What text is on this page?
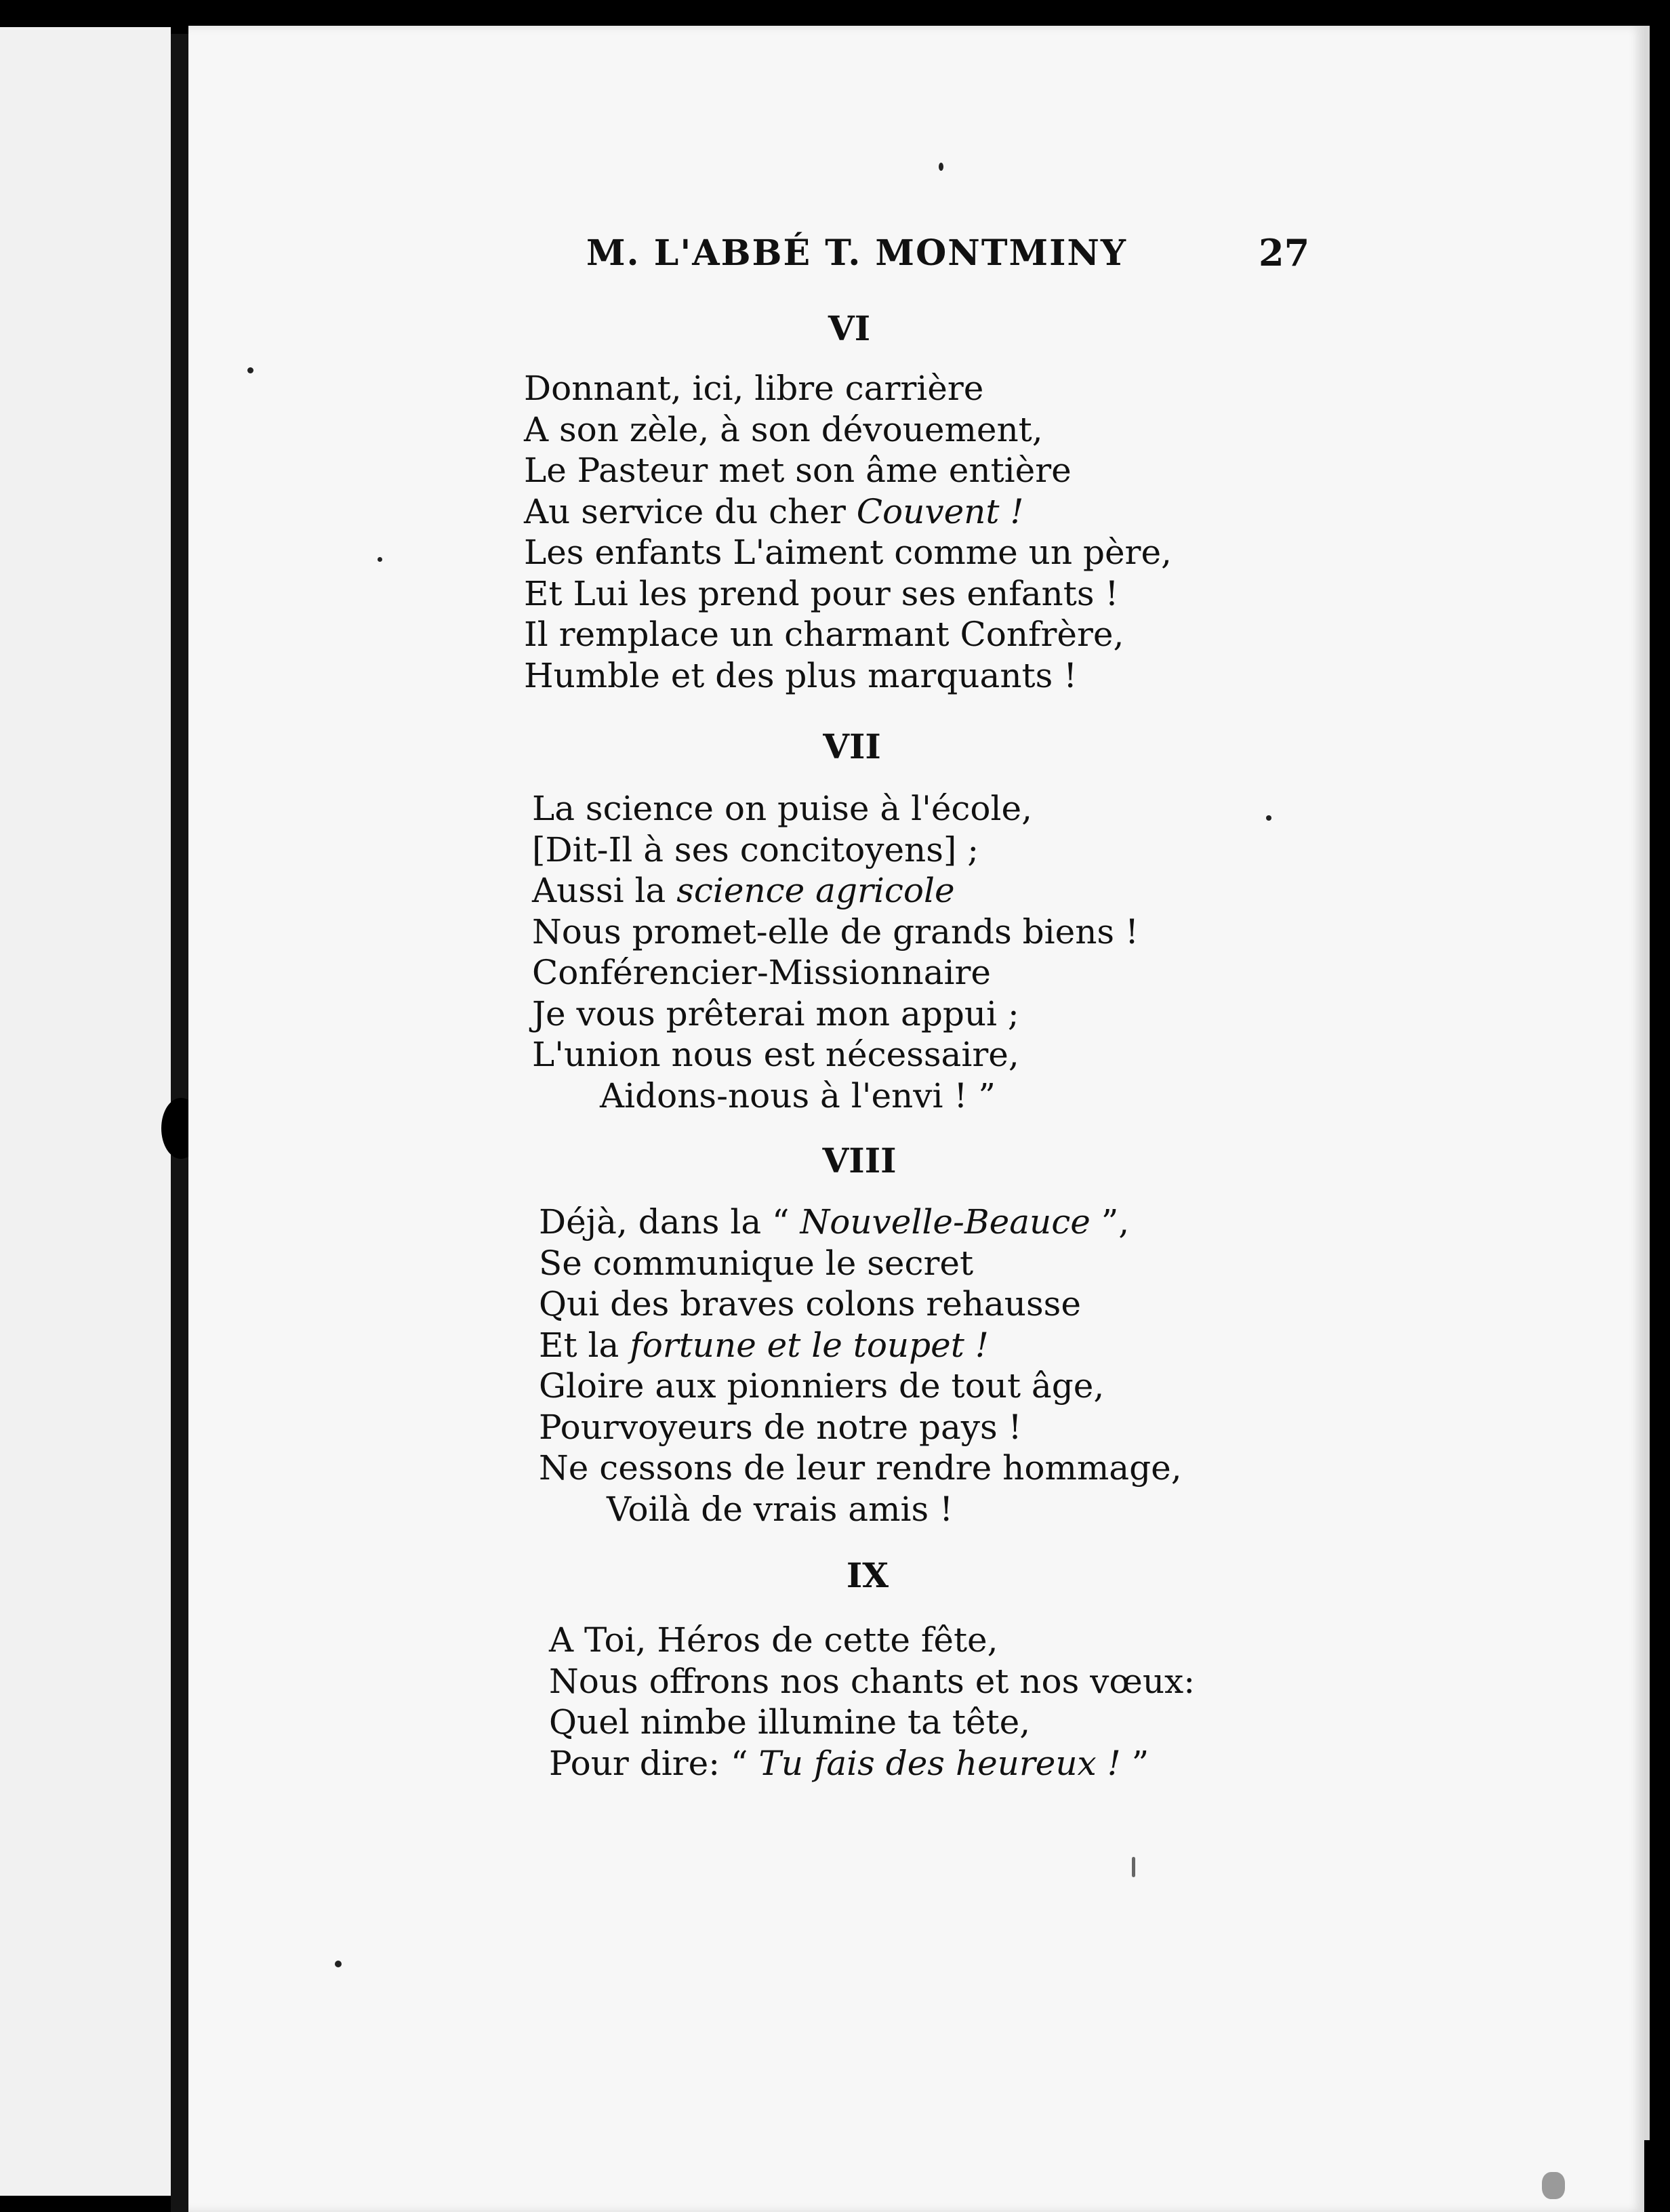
M. L'ABBÉ T. MONTMINY	27
VI
Donnant, ici, libre carrière
A son zèle, à son dévouement,
Le Pasteur met son âme entière
Au service du cher Couvent !
Les enfants L'aiment comme un père,
Et Lui les prend pour ses enfants !
Il remplace un charmant Confrère,
Humble et des plus marquants !
VII
La science on puise à l'école,
[Dit-Il à ses concitoyens] ;
Aussi la science agricole
Nous promet-elle de grands biens !
Conférencier-Missionnaire
Je vous prêterai mon appui ;
L'union nous est nécessaire,
Aidons-nous à l'envi ! ”
VIII
Déjà, dans la “ Nouvelle-Beauce ”,
Se communique le secret
Qui des braves colons rehausse
Et la fortune et le toupet !
Gloire aux pionniers de tout âge,
Pourvoyeurs de notre pays !
Ne cessons de leur rendre hommage,
Voilà de vrais amis !
IX
A Toi, Héros de cette fête,
Nous offrons nos chants et nos vœux:
Quel nimbe illumine ta tête,
Pour dire: “ Tu fais des heureux ! ”
